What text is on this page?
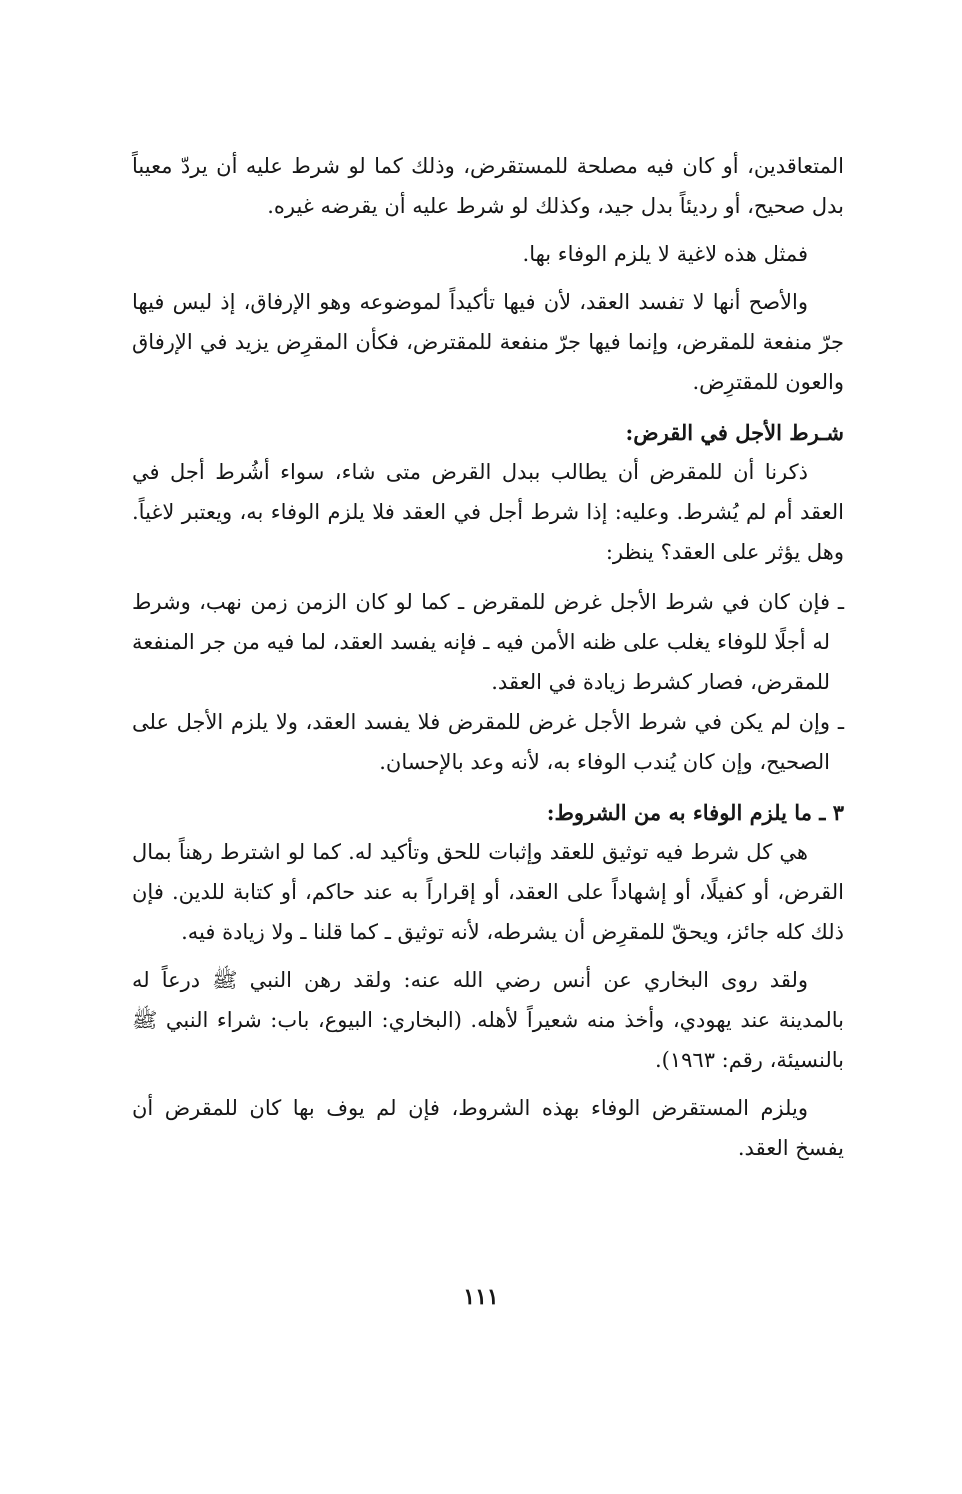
المتعاقدين، أو كان فيه مصلحة للمستقرض، وذلك كما لو شرط عليه أن يردّ معيباً بدل صحيح، أو رديئاً بدل جيد، وكذلك لو شرط عليه أن يقرضه غيره.

فمثل هذه لاغية لا يلزم الوفاء بها.

والأصح أنها لا تفسد العقد، لأن فيها تأكيداً لموضوعه وهو الإرفاق، إذ ليس فيها جرّ منفعة للمقرض، وإنما فيها جرّ منفعة للمقترض، فكأن المقرِض يزيد في الإرفاق والعون للمقترِض.

شـرط الأجل في القرض:

ذكرنا أن للمقرض أن يطالب ببدل القرض متى شاء، سواء أشُرط أجل في العقد أم لم يُشرط. وعليه: إذا شرط أجل في العقد فلا يلزم الوفاء به، ويعتبر لاغياً. وهل يؤثر على العقد؟ ينظر:

ـ
فإن كان في شرط الأجل غرض للمقرض ـ كما لو كان الزمن زمن نهب، وشرط له أجلًا للوفاء يغلب على ظنه الأمن فيه ـ فإنه يفسد العقد، لما فيه من جر المنفعة للمقرض، فصار كشرط زيادة في العقد.
ـ
وإن لم يكن في شرط الأجل غرض للمقرض فلا يفسد العقد، ولا يلزم الأجل على الصحيح، وإن كان يُندب الوفاء به، لأنه وعد بالإحسان.
٣ ـ ما يلزم الوفاء به من الشروط:

هي كل شرط فيه توثيق للعقد وإثبات للحق وتأكيد له. كما لو اشترط رهناً بمال القرض، أو كفيلًا، أو إشهاداً على العقد، أو إقراراً به عند حاكم، أو كتابة للدين. فإن ذلك كله جائز، ويحقّ للمقرِض أن يشرطه، لأنه توثيق ـ كما قلنا ـ ولا زيادة فيه.

ولقد روى البخاري عن أنس رضي الله عنه: ولقد رهن النبي ﷺ درعاً له بالمدينة عند يهودي، وأخذ منه شعيراً لأهله. (البخاري: البيوع، باب: شراء النبي ﷺ بالنسيئة، رقم: ١٩٦٣).

ويلزم المستقرض الوفاء بهذه الشروط، فإن لم يوف بها كان للمقرض أن يفسخ العقد.

١١١
